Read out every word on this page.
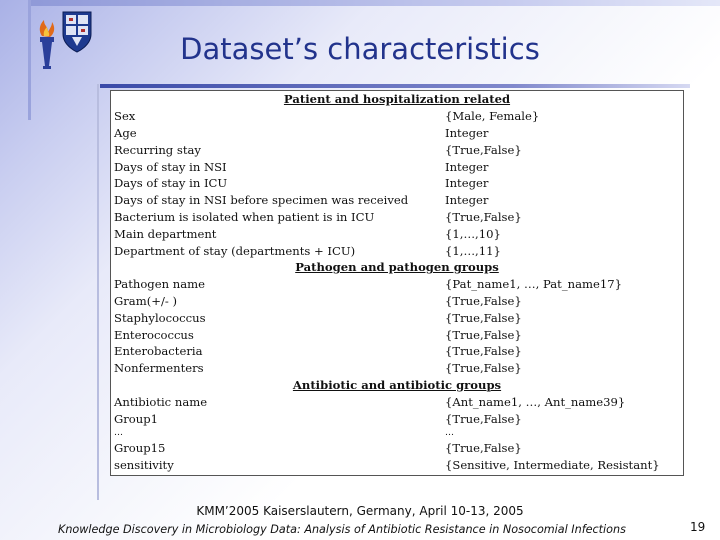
Dataset’s characteristics
Patient and hospitalization related	
Sex	{Male, Female}
Age	Integer
Recurring stay	{True,False}
Days of stay in NSI	Integer
Days of stay in ICU	Integer
Days of stay in NSI before specimen was received	Integer
Bacterium is isolated when patient is in ICU	{True,False}
Main department	{1,…,10}
Department of stay (departments + ICU)	{1,…,11}
Pathogen and pathogen groups	
Pathogen name	{Pat_name1, …, Pat_name17}
Gram(+/- )	{True,False}
Staphylococcus	{True,False}
Enterococcus	{True,False}
Enterobacteria	{True,False}
Nonfermenters	{True,False}
Antibiotic and antibiotic groups	
Antibiotic name	{Ant_name1, …, Ant_name39}
Group1	{True,False}
…	…
Group15	{True,False}
sensitivity	{Sensitive, Intermediate, Resistant}
KMM’2005 Kaiserslautern, Germany, April 10-13, 2005
Knowledge Discovery in Microbiology Data: Analysis of Antibiotic Resistance in Nosocomial Infections	19
